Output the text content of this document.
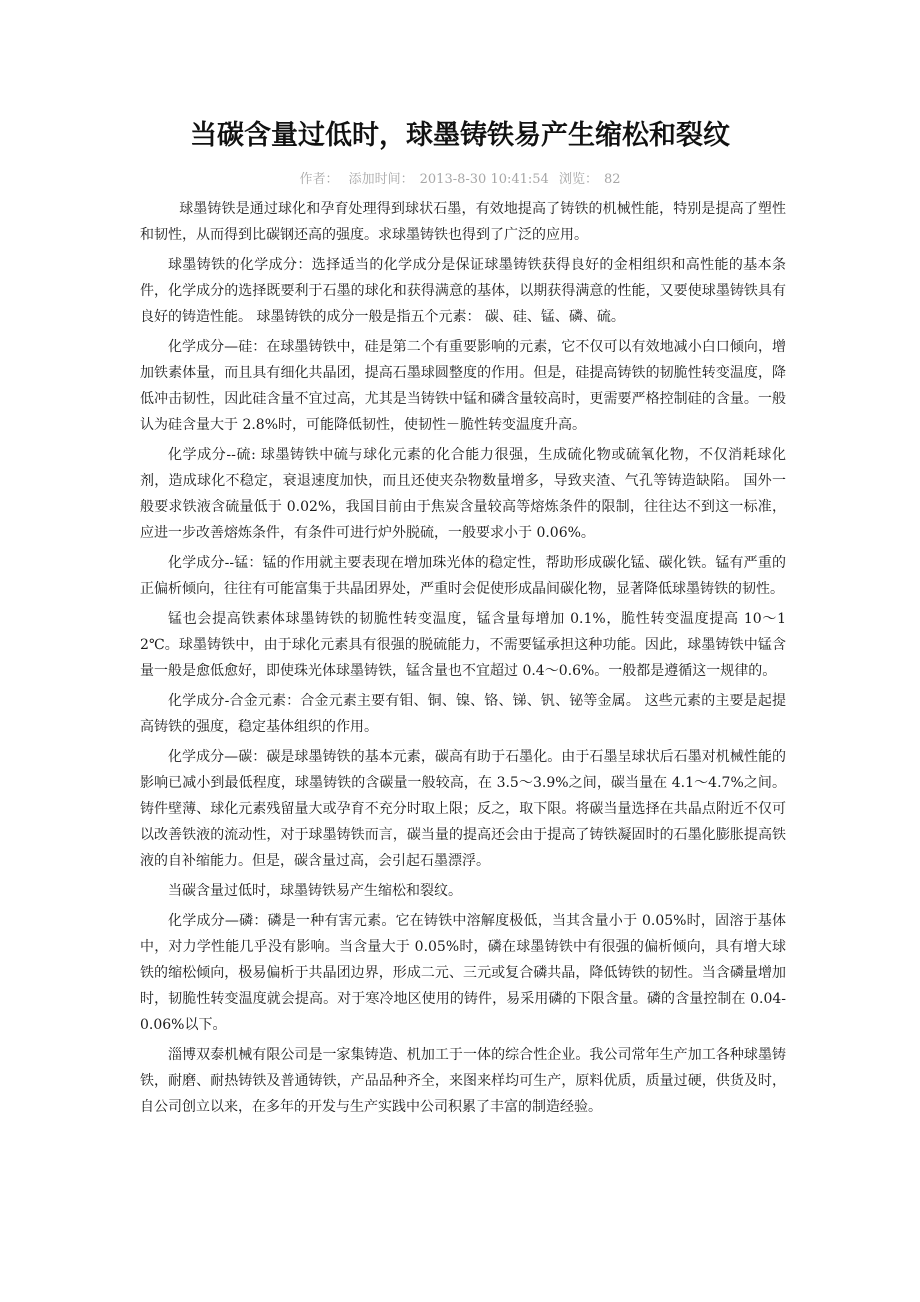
当碳含量过低时，球墨铸铁易产生缩松和裂纹
作者： 添加时间： 2013-8-30 10:41:54 浏览： 82

球墨铸铁是通过球化和孕育处理得到球状石墨，有效地提高了铸铁的机械性能，特别是提高了塑性和韧性，从而得到比碳钢还高的强度。求球墨铸铁也得到了广泛的应用。

球墨铸铁的化学成分：选择适当的化学成分是保证球墨铸铁获得良好的金相组织和高性能的基本条件，化学成分的选择既要利于石墨的球化和获得满意的基体，以期获得满意的性能，又要使球墨铸铁具有良好的铸造性能。 球墨铸铁的成分一般是指五个元素： 碳、硅、锰、磷、硫。

化学成分—硅：在球墨铸铁中，硅是第二个有重要影响的元素，它不仅可以有效地减小白口倾向，增加铁素体量，而且具有细化共晶团，提高石墨球圆整度的作用。但是，硅提高铸铁的韧脆性转变温度，降低冲击韧性，因此硅含量不宜过高，尤其是当铸铁中锰和磷含量较高时，更需要严格控制硅的含量。一般认为硅含量大于 2.8%时，可能降低韧性，使韧性－脆性转变温度升高。

化学成分--硫: 球墨铸铁中硫与球化元素的化合能力很强，生成硫化物或硫氧化物，不仅消耗球化剂，造成球化不稳定，衰退速度加快，而且还使夹杂物数量增多，导致夹渣、气孔等铸造缺陷。 国外一般要求铁液含硫量低于 0.02%，我国目前由于焦炭含量较高等熔炼条件的限制，往往达不到这一标准，应进一步改善熔炼条件，有条件可进行炉外脱硫，一般要求小于 0.06%。

化学成分--锰：锰的作用就主要表现在增加珠光体的稳定性，帮助形成碳化锰、碳化铁。锰有严重的正偏析倾向，往往有可能富集于共晶团界处，严重时会促使形成晶间碳化物，显著降低球墨铸铁的韧性。

锰也会提高铁素体球墨铸铁的韧脆性转变温度，锰含量每增加 0.1%，脆性转变温度提高 10～12℃。球墨铸铁中，由于球化元素具有很强的脱硫能力，不需要锰承担这种功能。因此，球墨铸铁中锰含量一般是愈低愈好，即使珠光体球墨铸铁，锰含量也不宜超过 0.4～0.6%。一般都是遵循这一规律的。

化学成分-合金元素：合金元素主要有钼、铜、镍、铬、锑、钒、铋等金属。 这些元素的主要是起提高铸铁的强度，稳定基体组织的作用。

化学成分—碳：碳是球墨铸铁的基本元素，碳高有助于石墨化。由于石墨呈球状后石墨对机械性能的影响已减小到最低程度，球墨铸铁的含碳量一般较高，在 3.5～3.9%之间，碳当量在 4.1～4.7%之间。铸件壁薄、球化元素残留量大或孕育不充分时取上限；反之，取下限。将碳当量选择在共晶点附近不仅可以改善铁液的流动性，对于球墨铸铁而言，碳当量的提高还会由于提高了铸铁凝固时的石墨化膨胀提高铁液的自补缩能力。但是，碳含量过高，会引起石墨漂浮。

当碳含量过低时，球墨铸铁易产生缩松和裂纹。

化学成分—磷：磷是一种有害元素。它在铸铁中溶解度极低，当其含量小于 0.05%时，固溶于基体中，对力学性能几乎没有影响。当含量大于 0.05%时，磷在球墨铸铁中有很强的偏析倾向，具有增大球铁的缩松倾向，极易偏析于共晶团边界，形成二元、三元或复合磷共晶，降低铸铁的韧性。当含磷量增加时，韧脆性转变温度就会提高。对于寒冷地区使用的铸件，易采用磷的下限含量。磷的含量控制在 0.04-0.06%以下。

淄博双泰机械有限公司是一家集铸造、机加工于一体的综合性企业。我公司常年生产加工各种球墨铸铁，耐磨、耐热铸铁及普通铸铁，产品品种齐全，来图来样均可生产，原料优质，质量过硬，供货及时，自公司创立以来，在多年的开发与生产实践中公司积累了丰富的制造经验。
